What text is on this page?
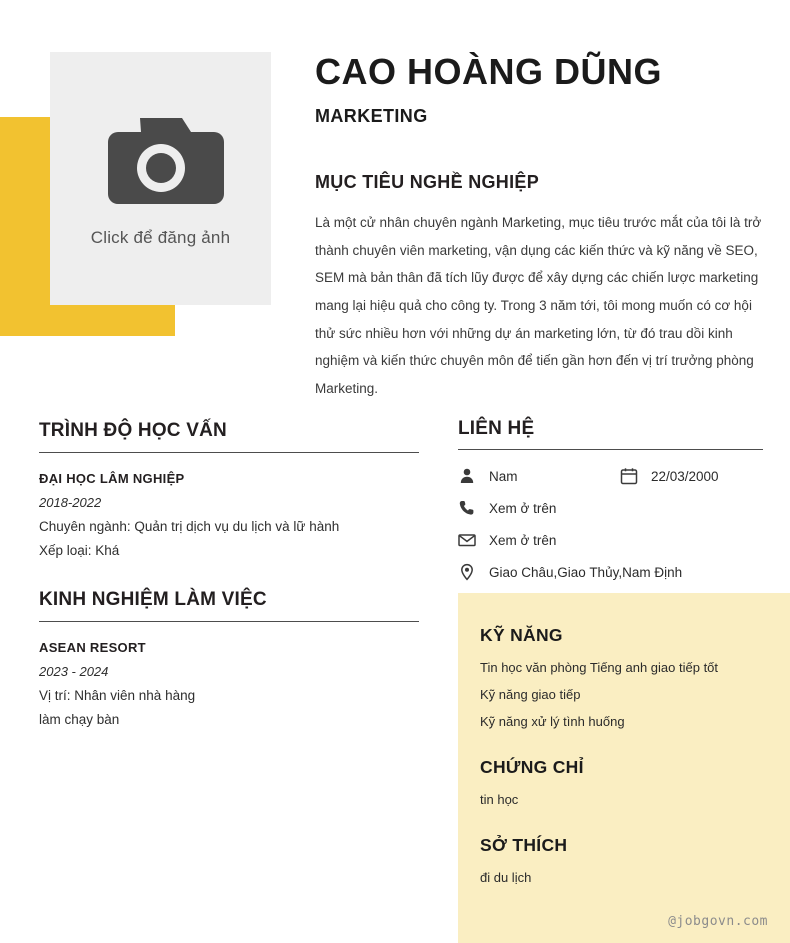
Click để đăng ảnh
CAO HOÀNG DŨNG
MARKETING
MỤC TIÊU NGHỀ NGHIỆP

Là một cử nhân chuyên ngành Marketing, mục tiêu trước mắt của tôi là trở thành chuyên viên marketing, vận dụng các kiến thức và kỹ năng về SEO, SEM mà bản thân đã tích lũy được để xây dựng các chiến lược marketing mang lại hiệu quả cho công ty. Trong 3 năm tới, tôi mong muốn có cơ hội thử sức nhiều hơn với những dự án marketing lớn, từ đó trau dồi kinh nghiệm và kiến thức chuyên môn để tiến gần hơn đến vị trí trưởng phòng Marketing.

TRÌNH ĐỘ HỌC VẤN
ĐẠI HỌC LÂM NGHIỆP
2018-2022
Chuyên ngành: Quản trị dịch vụ du lịch và lữ hành
Xếp loại: Khá
KINH NGHIỆM LÀM VIỆC
ASEAN RESORT
2023 - 2024
Vị trí: Nhân viên nhà hàng
làm chạy bàn
LIÊN HỆ
Nam	22/03/2000
Xem ở trên
Xem ở trên
Giao Châu,Giao Thủy,Nam Định
KỸ NĂNG
Tin học văn phòng Tiếng anh giao tiếp tốt
Kỹ năng giao tiếp
Kỹ năng xử lý tình huống
CHỨNG CHỈ
tin học
SỞ THÍCH
đi du lịch
@jobgovn.com
